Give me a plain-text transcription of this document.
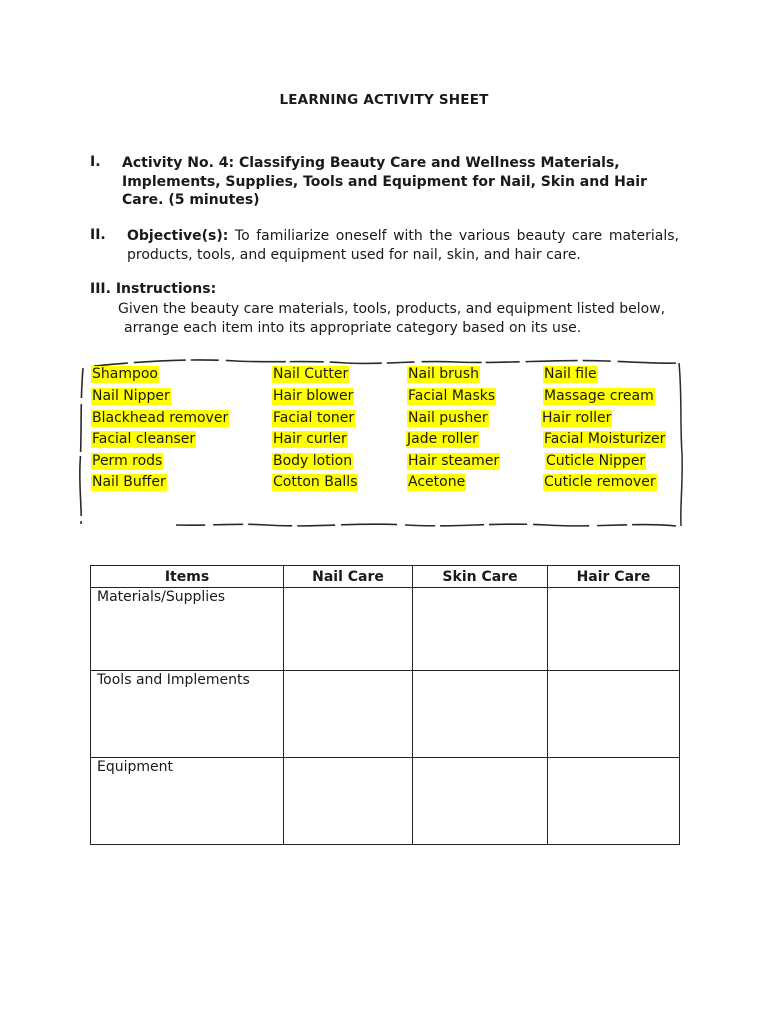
LEARNING ACTIVITY SHEET
I. Activity No. 4: Classifying Beauty Care and Wellness Materials, Implements, Supplies, Tools and Equipment for Nail, Skin and Hair Care. (5 minutes)
II. Objective(s): To familiarize oneself with the various beauty care materials, products, tools, and equipment used for nail, skin, and hair care.
III. Instructions:
Given the beauty care materials, tools, products, and equipment listed below,
arrange each item into its appropriate category based on its use.
Shampoo
Nail Nipper
Blackhead remover
Facial cleanser
Perm rods
Nail Buffer
Nail Cutter
Hair blower
Facial toner
Hair curler
Body lotion
Cotton Balls
Nail brush
Facial Masks
Nail pusher
Jade roller
Hair steamer
Acetone
Nail file
Massage cream
Hair roller
Facial Moisturizer
Cuticle Nipper
Cuticle remover
Items	Nail Care	Skin Care	Hair Care
Materials/Supplies			
Tools and Implements			
Equipment			
